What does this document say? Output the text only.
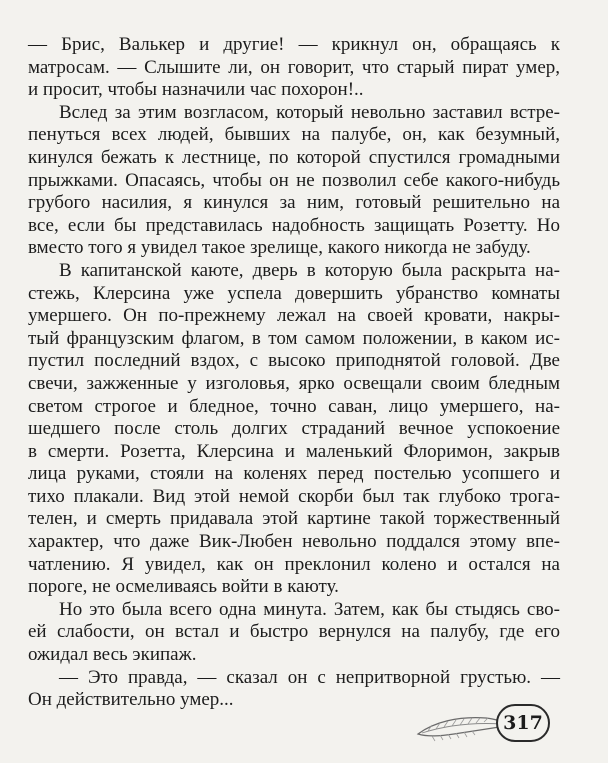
— Брис, Валькер и другие! — крикнул он, обращаясь к
матросам. — Слышите ли, он говорит, что старый пират умер,
и просит, чтобы назначили час похорон!..
Вслед за этим возгласом, который невольно заставил встре-
пенуться всех людей, бывших на палубе, он, как безумный,
кинулся бежать к лестнице, по которой спустился громадными
прыжками. Опасаясь, чтобы он не позволил себе какого-нибудь
грубого насилия, я кинулся за ним, готовый решительно на
все, если бы представилась надобность защищать Розетту. Но
вместо того я увидел такое зрелище, какого никогда не забуду.
В капитанской каюте, дверь в которую была раскрыта на-
стежь, Клерсина уже успела довершить убранство комнаты
умершего. Он по-прежнему лежал на своей кровати, накры-
тый французским флагом, в том самом положении, в каком ис-
пустил последний вздох, с высоко приподнятой головой. Две
свечи, зажженные у изголовья, ярко освещали своим бледным
светом строгое и бледное, точно саван, лицо умершего, на-
шедшего после столь долгих страданий вечное успокоение
в смерти. Розетта, Клерсина и маленький Флоримон, закрыв
лица руками, стояли на коленях перед постелью усопшего и
тихо плакали. Вид этой немой скорби был так глубоко трога-
телен, и смерть придавала этой картине такой торжественный
характер, что даже Вик-Любен невольно поддался этому впе-
чатлению. Я увидел, как он преклонил колено и остался на
пороге, не осмеливаясь войти в каюту.
Но это была всего одна минута. Затем, как бы стыдясь сво-
ей слабости, он встал и быстро вернулся на палубу, где его
ожидал весь экипаж.
— Это правда, — сказал он с непритворной грустью. —
Он действительно умер...
317
